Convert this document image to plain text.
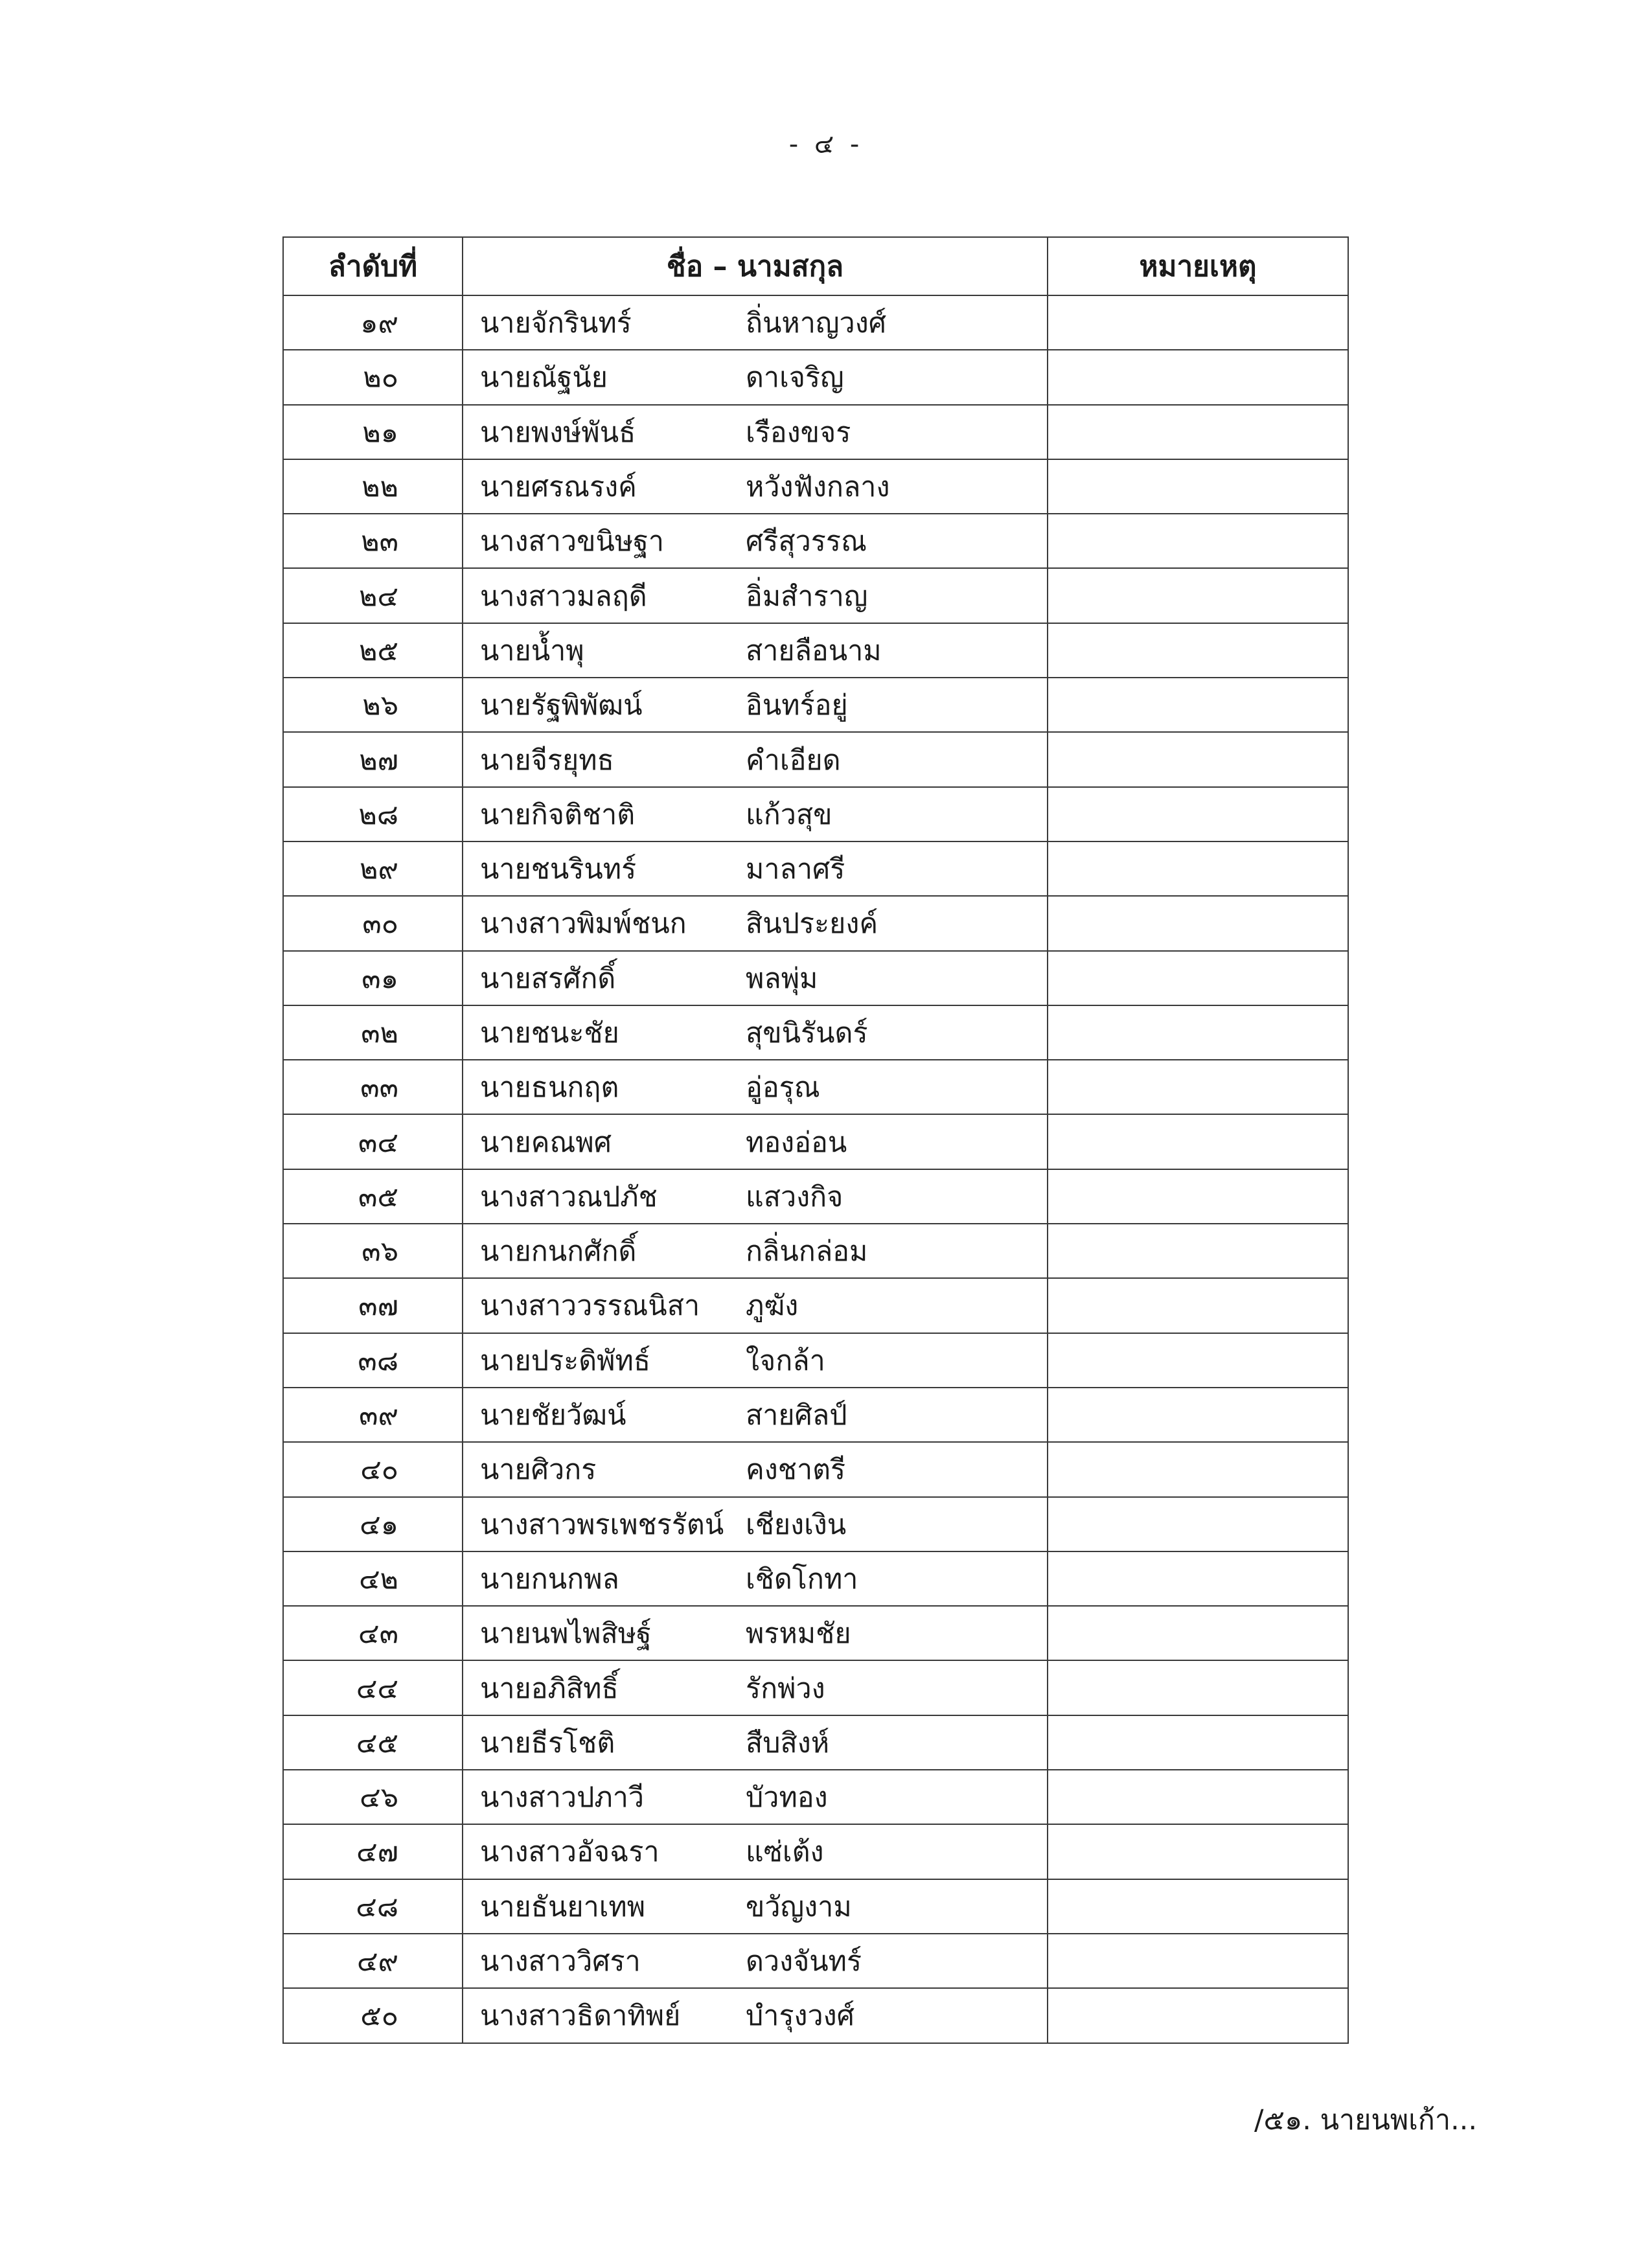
- ๔ -
ลำดับที่	ชื่อ – นามสกุล	หมายเหตุ
๑๙	นายจักรินทร์ ถิ่นหาญวงศ์	
๒๐	นายณัฐนัย ดาเจริญ	
๒๑	นายพงษ์พันธ์ เรืองขจร	
๒๒	นายศรณรงค์ หวังฟังกลาง	
๒๓	นางสาวขนิษฐา ศรีสุวรรณ	
๒๔	นางสาวมลฤดี อิ่มสำราญ	
๒๕	นายน้ำพุ สายลือนาม	
๒๖	นายรัฐพิพัฒน์ อินทร์อยู่	
๒๗	นายจีรยุทธ คำเอียด	
๒๘	นายกิจติชาติ แก้วสุข	
๒๙	นายชนรินทร์ มาลาศรี	
๓๐	นางสาวพิมพ์ชนก สินประยงค์	
๓๑	นายสรศักดิ์ พลพุ่ม	
๓๒	นายชนะชัย สุขนิรันดร์	
๓๓	นายธนกฤต อู่อรุณ	
๓๔	นายคณพศ ทองอ่อน	
๓๕	นางสาวณปภัช แสวงกิจ	
๓๖	นายกนกศักดิ์ กลิ่นกล่อม	
๓๗	นางสาววรรณนิสา ภูฆัง	
๓๘	นายประดิพัทธ์ ใจกล้า	
๓๙	นายชัยวัฒน์ สายศิลป์	
๔๐	นายศิวกร คงชาตรี	
๔๑	นางสาวพรเพชรรัตน์ เชียงเงิน	
๔๒	นายกนกพล เชิดโกทา	
๔๓	นายนพไพสิษฐ์ พรหมชัย	
๔๔	นายอภิสิทธิ์ รักพ่วง	
๔๕	นายธีรโชติ สืบสิงห์	
๔๖	นางสาวปภาวี บัวทอง	
๔๗	นางสาวอัจฉรา แซ่เต้ง	
๔๘	นายธันยาเทพ ขวัญงาม	
๔๙	นางสาววิศรา ดวงจันทร์	
๕๐	นางสาวธิดาทิพย์ บำรุงวงศ์	
/๕๑. นายนพเก้า...
